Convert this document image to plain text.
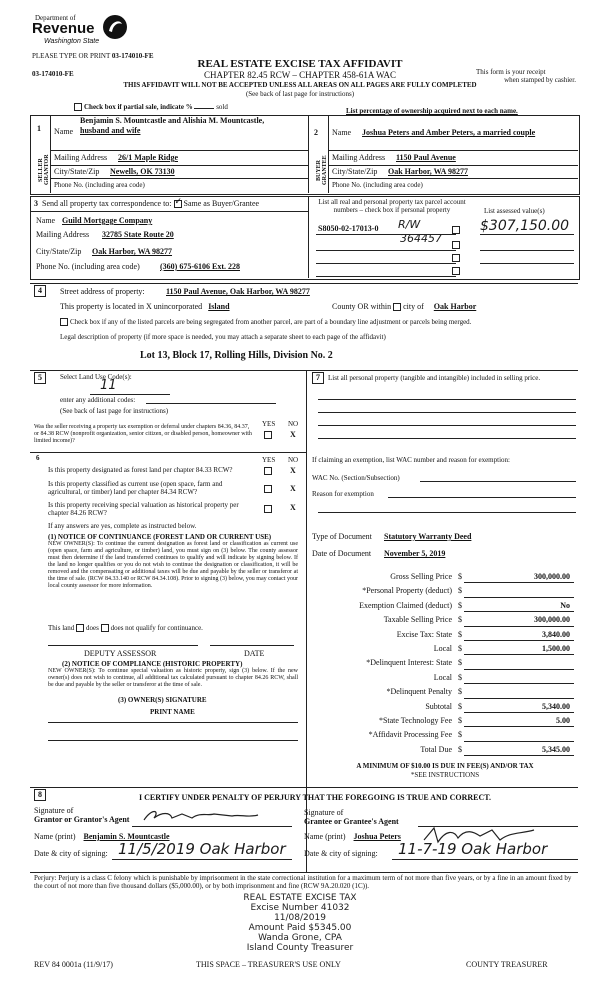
Department of
Revenue
Washington State
PLEASE TYPE OR PRINT 03-174010-FE
03-174010-FE
REAL ESTATE EXCISE TAX AFFIDAVIT
CHAPTER 82.45 RCW – CHAPTER 458-61A WAC
THIS AFFIDAVIT WILL NOT BE ACCEPTED UNLESS ALL AREAS ON ALL PAGES ARE FULLY COMPLETED
(See back of last page for instructions)
This form is your receipt
when stamped by cashier.
Check box if partial sale, indicate %	sold	List percentage of ownership acquired next to each name.
1
SELLER GRANTOR
Benjamin S. Mountcastle and Alishia M. Mountcastle,
Name husband and wife
Mailing Address 26/1 Maple Ridge
City/State/Zip Newells, OK 73130
Phone No. (including area code)
2
BUYER GRANTEE
Name Joshua Peters and Amber Peters, a married couple
Mailing Address 1150 Paul Avenue
City/State/Zip Oak Harbor, WA 98277
Phone No. (including area code)
3 Send all property tax correspondence to: ✓ Same as Buyer/Grantee
Name Guild Mortgage Company
Mailing Address 32785 State Route 20
City/State/Zip Oak Harbor, WA 98277
Phone No. (including area code)	(360) 675-6106 Ext. 228
List all real and personal property tax parcel account numbers – check box if personal property	List assessed value(s)
S8050-02-17013-0 R/W
364457
$307,150.00
4	Street address of property:	1150 Paul Avenue, Oak Harbor, WA 98277
This property is located in X unincorporated Island	County OR within city of Oak Harbor
Check box if any of the listed parcels are being segregated from another parcel, are part of a boundary line adjustment or parcels being merged.
Legal description of property (if more space is needed, you may attach a separate sheet to each page of the affidavit)
Lot 13, Block 17, Rolling Hills, Division No. 2
5	Select Land Use Code(s):
11
enter any additional codes:
(See back of last page for instructions)
YES NO
Was the seller receiving a property tax exemption or deferral under chapters 84.36, 84.37, or 84.38 RCW (nonprofit organization, senior citizen, or disabled person, homeowner with limited income)?
X
6	YES NO
Is this property designated as forest land per chapter 84.33 RCW?	X
Is this property classified as current use (open space, farm and agricultural, or timber) land per chapter 84.34 RCW?	X
Is this property receiving special valuation as historical property per chapter 84.26 RCW?
X
If any answers are yes, complete as instructed below.
(1) NOTICE OF CONTINUANCE (FOREST LAND OR CURRENT USE)
NEW OWNER(S): To continue the current designation as forest land or classification as current use (open space, farm and agriculture, or timber) land, you must sign on (3) below. The county assessor must then determine if the land transferred continues to qualify and will indicate by signing below. If the land no longer qualifies or you do not wish to continue the designation or classification, it will be removed and the compensating or additional taxes will be due and payable by the seller or transferor at the time of sale. (RCW 84.33.140 or RCW 84.34.108). Prior to signing (3) below, you may contact your local county assessor for more information.
This land does does not qualify for continuance.
DEPUTY ASSESSOR	DATE
(2) NOTICE OF COMPLIANCE (HISTORIC PROPERTY)
NEW OWNER(S): To continue special valuation as historic property, sign (3) below. If the new owner(s) does not wish to continue, all additional tax calculated pursuant to chapter 84.26 RCW, shall be due and payable by the seller or transferor at the time of sale.
(3) OWNER(S) SIGNATURE
PRINT NAME
7	List all personal property (tangible and intangible) included in selling price.
If claiming an exemption, list WAC number and reason for exemption:
WAC No. (Section/Subsection)
Reason for exemption
Type of Document Statutory Warranty Deed
Date of Document November 5, 2019
Gross Selling Price $	300,000.00
*Personal Property (deduct) $
Exemption Claimed (deduct) $	No
Taxable Selling Price $	300,000.00
Excise Tax: State $	3,840.00
Local $	1,500.00
*Delinquent Interest: State $
Local $
*Delinquent Penalty $
Subtotal $	5,340.00
*State Technology Fee $	5.00
*Affidavit Processing Fee $
Total Due $	5,345.00
A MINIMUM OF $10.00 IS DUE IN FEE(S) AND/OR TAX
*SEE INSTRUCTIONS
8	I CERTIFY UNDER PENALTY OF PERJURY THAT THE FOREGOING IS TRUE AND CORRECT.
Signature of
Grantor or Grantor's Agent
Signature of
Grantee or Grantee's Agent
Name (print) Benjamin S. Mountcastle	Name (print) Joshua Peters
Date & city of signing: 11/5/2019 Oak Harbor Date & city of signing: 11-7-19 Oak Harbor
Perjury: Perjury is a class C felony which is punishable by imprisonment in the state correctional institution for a maximum term of not more than five years, or by a fine in an amount fixed by the court of not more than five thousand dollars ($5,000.00), or by both imprisonment and fine (RCW 9A.20.020 (1C)).
REAL ESTATE EXCISE TAX
Excise Number 41032
11/08/2019
Amount Paid $5345.00
Wanda Grone, CPA
Island County Treasurer
REV 84 0001a (11/9/17)	THIS SPACE – TREASURER'S USE ONLY	COUNTY TREASURER
